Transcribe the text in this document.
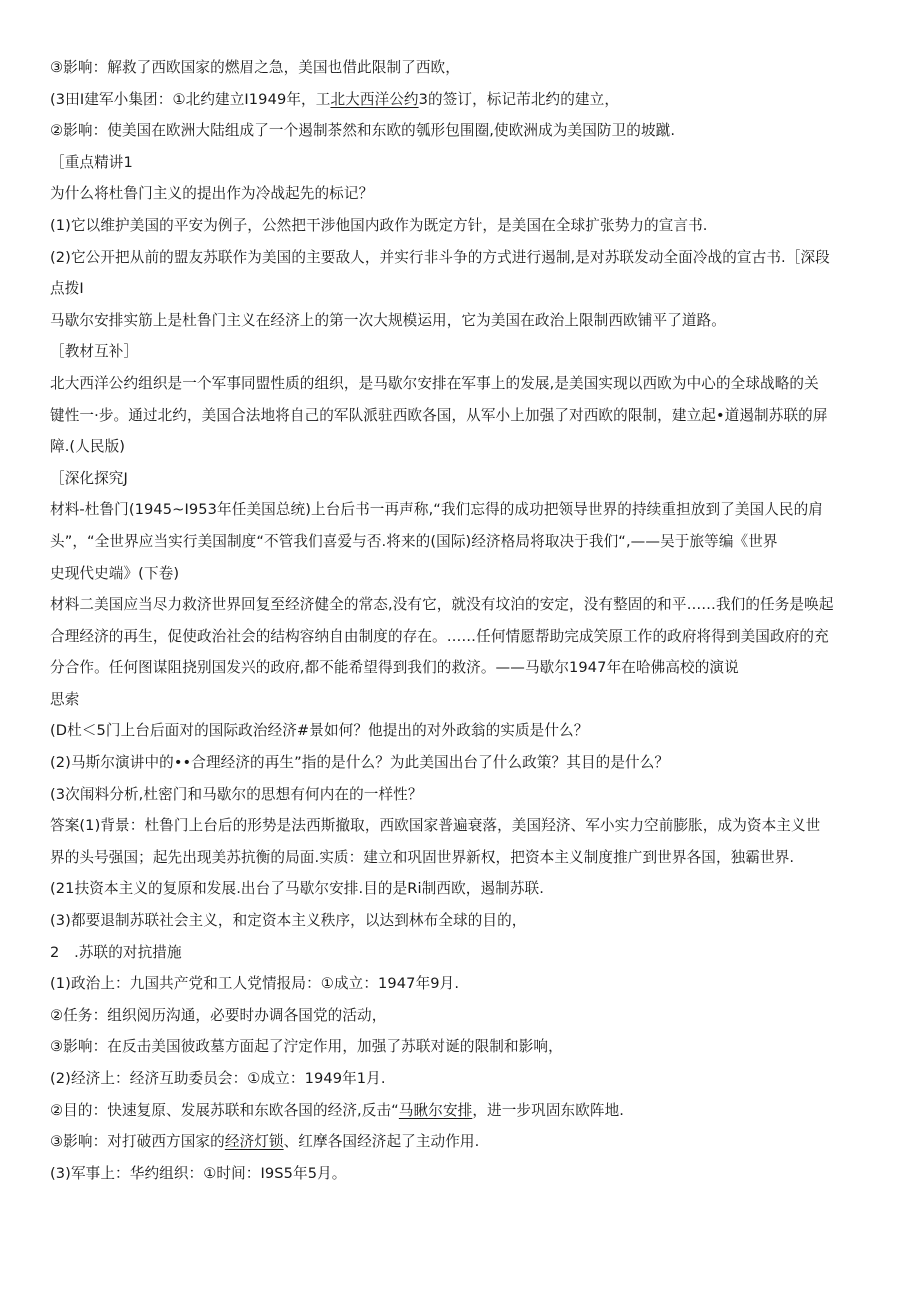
③影响：解救了西欧国家的燃眉之急，美国也借此限制了西欧，
(3田I建军小集团：①北约建立I1949年，工北大西洋公约3的签订，标记芾北约的建立，
②影响：使美国在欧洲大陆组成了一个遏制茶然和东欧的瓠形包围圈,使欧洲成为美国防卫的坡蹴.
［重点精讲1
为什么将杜鲁门主义的提出作为冷战起先的标记？
(1)它以维护美国的平安为例子，公然把干涉他国内政作为既定方针，是美国在全球扩张势力的宣言书.
(2)它公开把从前的盟友苏联作为美国的主要敌人，并实行非斗争的方式进行遏制,是对苏联发动全面冷战的宣古书.［深段
点拨I
马歇尔安排实筋上是杜鲁门主义在经济上的第一次大规模运用，它为美国在政治上限制西欧铺平了道路。
［教材互补］
北大西洋公约组织是一个军事同盟性质的组织，是马歇尔安排在军事上的发展,是美国实现以西欧为中心的全球战略的关
键性一·步。通过北约，美国合法地将自己的军队派驻西欧各国，从军小上加强了对西欧的限制，建立起•道遏制苏联的屏
障.(人民版)
［深化探究J
材料-杜鲁门(1945~I953年任美国总统)上台后书一再声称,“我们忘得的成功把领导世界的持续重担放到了美国人民的肩
头”，“全世界应当实行美国制度“不管我们喜爱与否.将来的(国际)经济格局将取决于我们“,——吴于旅等编《世界
史现代史端》(下卷)
材料二美国应当尽力救济世界回复至经济健全的常态,没有它，就没有坟泊的安定，没有整固的和平……我们的任务是唤起
合理经济的再生，促使政治社会的结构容纳自由制度的存在。……任何情愿帮助完成笑原工作的政府将得到美国政府的充
分合作。任何图谋阻挠别国发兴的政府,都不能希望得到我们的救济。——马歇尔1947年在哈佛高校的演说
思索
(D杜＜5门上台后面对的国际政治经济#景如何？他提出的对外政翁的实质是什么？
(2)马斯尔演讲中的••合理经济的再生”指的是什么？为此美国出台了什么政策？其目的是什么？
(3次闱料分析,杜密门和马歇尔的思想有何内在的一样性？
答案(1)背景：杜鲁门上台后的形势是法西斯撤取，西欧国家普遍衰落，美国羟济、军小实力空前膨胀，成为资本主义世
界的头号强国；起先出现美苏抗衡的局面.实质：建立和巩固世界新权，把资本主义制度推广到世界各国，独霸世界.
(21扶资本主义的复原和发展.出台了马歇尔安排.目的是Ri制西欧，遏制苏联.
(3)都要退制苏联社会主义，和定资本主义秩序，以达到林布全球的目的，
2　.苏联的对抗措施
(1)政治上：九国共产党和工人党情报局：①成立：1947年9月.
②任务：组织阅历沟通，必要时办调各国党的活动，
③影响：在反击美国彼政墓方面起了泞定作用，加强了苏联对诞的限制和影响，
(2)经济上：经济互助委员会：①成立：1949年1月.
②目的：快速复原、发展苏联和东欧各国的经济,反击“马瞅尔安排，进一步巩固东欧阵地.
③影响：对打破西方国家的经济灯锁、红摩各国经济起了主动作用.
(3)军事上：华约组织：①时间：I9S5年5月。
